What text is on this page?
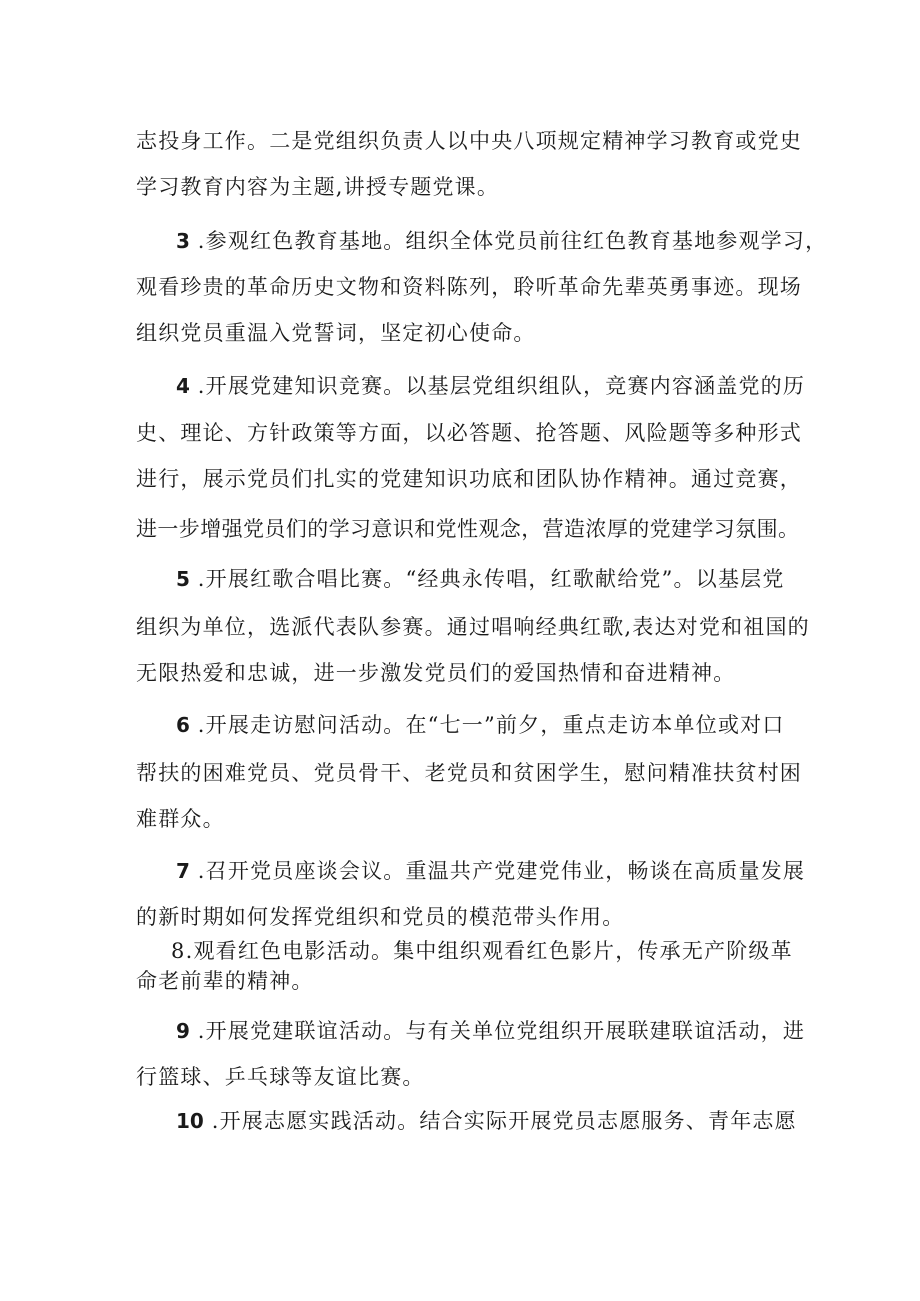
志投身工作。二是党组织负责人以中央八项规定精神学习教育或党史
学习教育内容为主题,讲授专题党课。
3 .参观红色教育基地。组织全体党员前往红色教育基地参观学习，
观看珍贵的革命历史文物和资料陈列，聆听革命先辈英勇事迹。现场
组织党员重温入党誓词，坚定初心使命。
4 .开展党建知识竞赛。以基层党组织组队，竞赛内容涵盖党的历
史、理论、方针政策等方面，以必答题、抢答题、风险题等多种形式
进行，展示党员们扎实的党建知识功底和团队协作精神。通过竞赛，
进一步增强党员们的学习意识和党性观念，营造浓厚的党建学习氛围。
5 .开展红歌合唱比赛。“经典永传唱，红歌献给党”。以基层党
组织为单位，选派代表队参赛。通过唱响经典红歌,表达对党和祖国的
无限热爱和忠诚，进一步激发党员们的爱国热情和奋进精神。
6 .开展走访慰问活动。在“七一”前夕，重点走访本单位或对口
帮扶的困难党员、党员骨干、老党员和贫困学生，慰问精准扶贫村困
难群众。
7 .召开党员座谈会议。重温共产党建党伟业，畅谈在高质量发展
的新时期如何发挥党组织和党员的模范带头作用。
8.观看红色电影活动。集中组织观看红色影片，传承无产阶级革
命老前辈的精神。
9 .开展党建联谊活动。与有关单位党组织开展联建联谊活动，进
行篮球、乒乓球等友谊比赛。
10 .开展志愿实践活动。结合实际开展党员志愿服务、青年志愿
